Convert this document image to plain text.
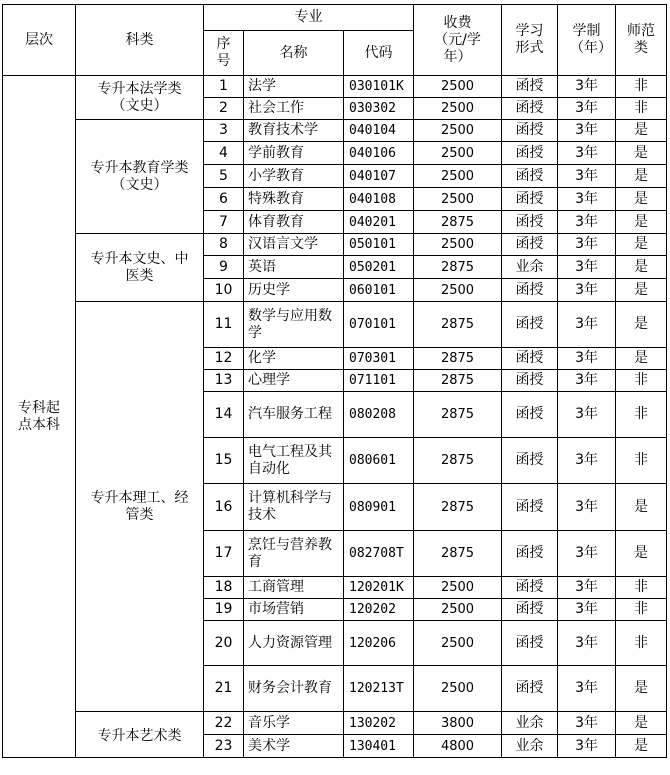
层次	科类	专业			收费（元/学年）	学习形式	学制（年）	师范类
		序号	名称	代码				
专科起点本科	专升本法学类（文史）	1	法学	030101K	2500	函授	3年	非
		2	社会工作	030302	2500	函授	3年	非
	专升本教育学类（文史）	3	教育技术学	040104	2500	函授	3年	是
		4	学前教育	040106	2500	函授	3年	是
		5	小学教育	040107	2500	函授	3年	是
		6	特殊教育	040108	2500	函授	3年	是
		7	体育教育	040201	2875	函授	3年	是
	专升本文史、中医类	8	汉语言文学	050101	2500	函授	3年	是
		9	英语	050201	2875	业余	3年	是
		10	历史学	060101	2500	函授	3年	是
	专升本理工、经管类	11	数学与应用数学	070101	2875	函授	3年	是
		12	化学	070301	2875	函授	3年	是
		13	心理学	071101	2875	函授	3年	非
		14	汽车服务工程	080208	2875	函授	3年	非
		15	电气工程及其自动化	080601	2875	函授	3年	非
		16	计算机科学与技术	080901	2875	函授	3年	是
		17	烹饪与营养教育	082708T	2875	函授	3年	是
		18	工商管理	120201K	2500	函授	3年	非
		19	市场营销	120202	2500	函授	3年	非
		20	人力资源管理	120206	2500	函授	3年	非
		21	财务会计教育	120213T	2500	函授	3年	是
	专升本艺术类	22	音乐学	130202	3800	业余	3年	是
		23	美术学	130401	4800	业余	3年	是
